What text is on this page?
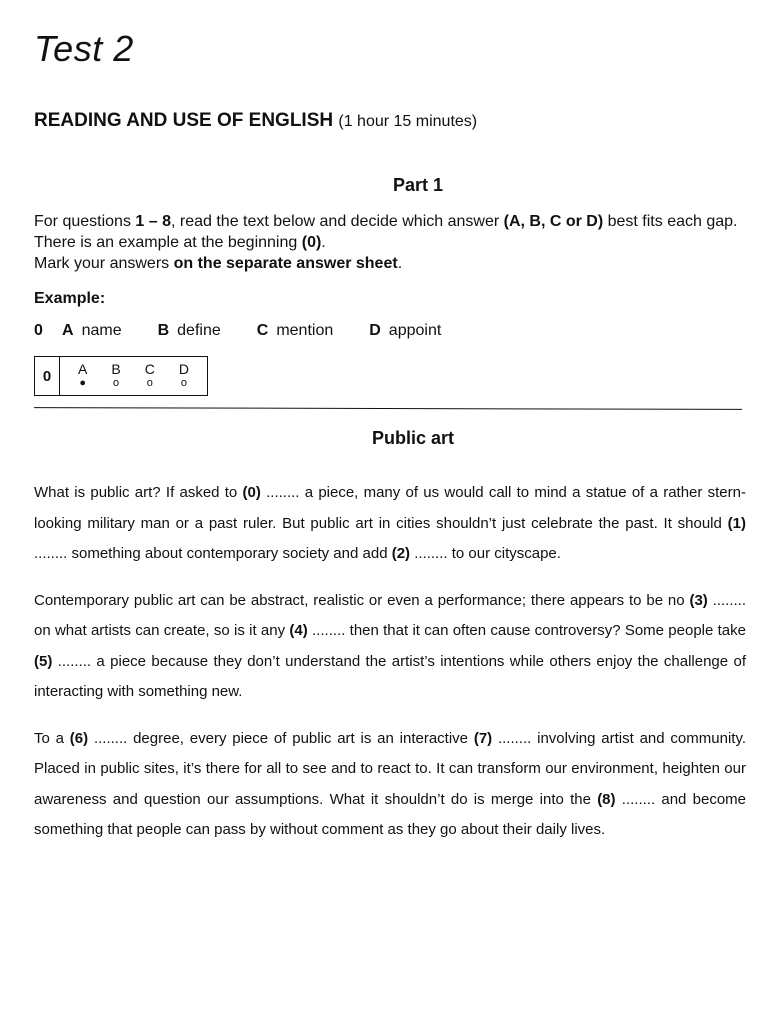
Test 2
READING AND USE OF ENGLISH (1 hour 15 minutes)
Part 1

For questions 1 – 8, read the text below and decide which answer (A, B, C or D) best fits each gap.

There is an example at the beginning (0).

Mark your answers on the separate answer sheet.

Example:
0	A name B define C mention D appoint
0	A
●
B
o
C
o
D
o
Public art

What is public art? If asked to (0) ........ a piece, many of us would call to mind a statue of a rather stern-looking military man or a past ruler. But public art in cities shouldn’t just celebrate the past. It should (1) ........ something about contemporary society and add (2) ........ to our cityscape.

Contemporary public art can be abstract, realistic or even a performance; there appears to be no (3) ........ on what artists can create, so is it any (4) ........ then that it can often cause controversy? Some people take (5) ........ a piece because they don’t understand the artist’s intentions while others enjoy the challenge of interacting with something new.

To a (6) ........ degree, every piece of public art is an interactive (7) ........ involving artist and community. Placed in public sites, it’s there for all to see and to react to. It can transform our environment, heighten our awareness and question our assumptions. What it shouldn’t do is merge into the (8) ........ and become something that people can pass by without comment as they go about their daily lives.
